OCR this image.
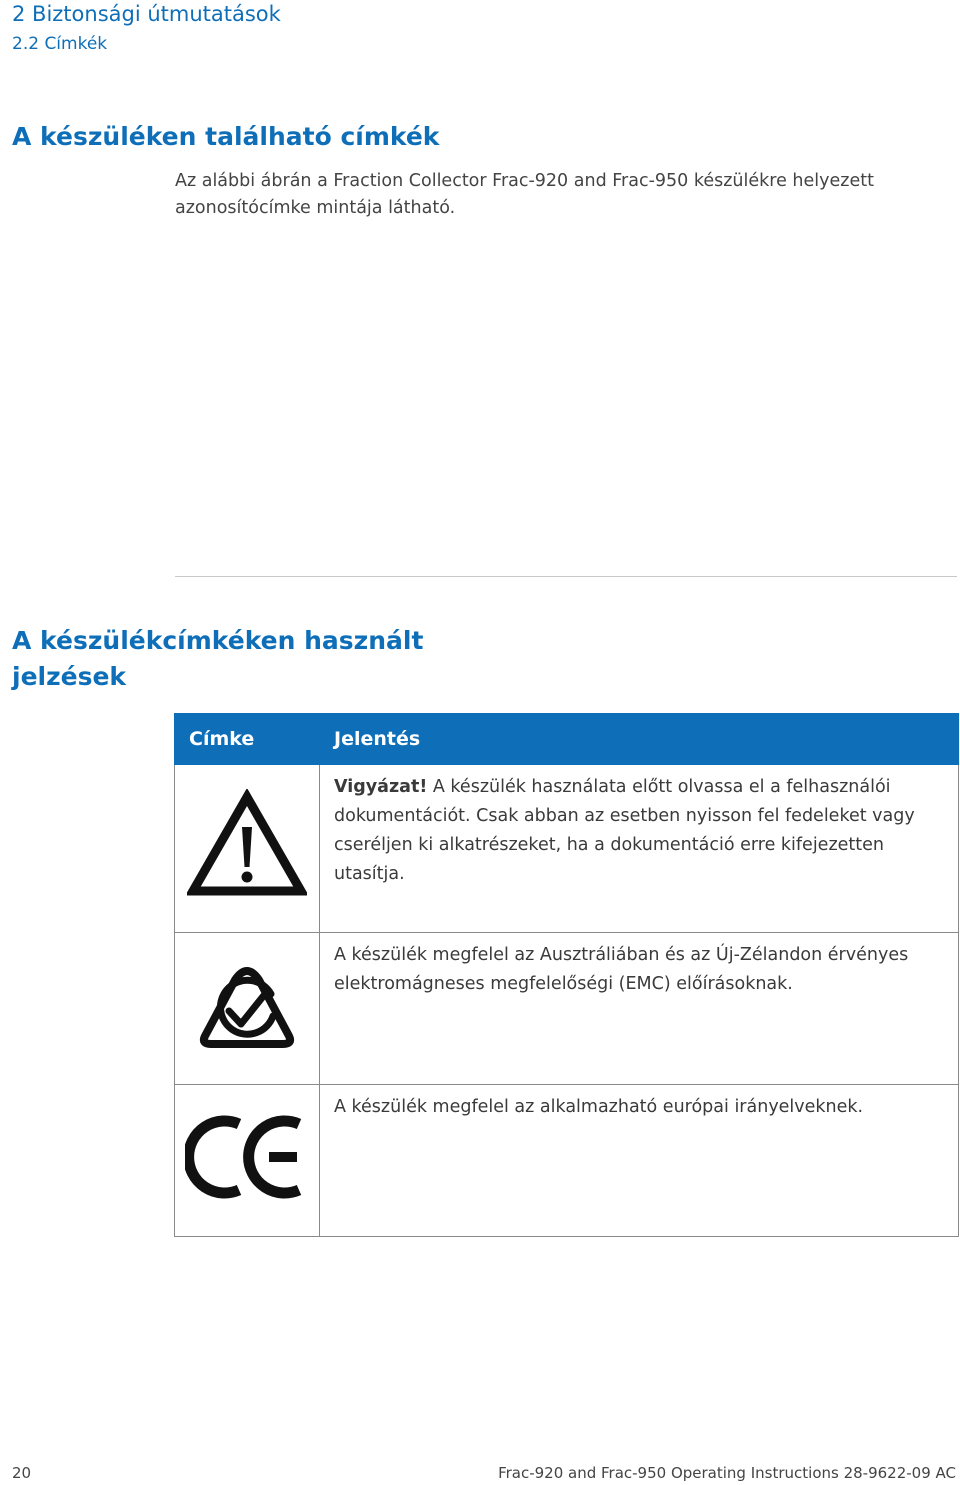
2 Biztonsági útmutatások
2.2 Címkék
A készüléken található címkék
Az alábbi ábrán a Fraction Collector Frac-920 and Frac-950 készülékre helyezett azonosítócímke mintája látható.
A készülékcímkéken használt jelzések
Címke	Jelentés
	Vigyázat! A készülék használata előtt olvassa el a felhasználói dokumentációt. Csak abban az esetben nyisson fel fedeleket vagy cseréljen ki alkatrészeket, ha a dokumentáció erre kifejezetten utasítja.
	A készülék megfelel az Ausztráliában és az Új-Zélandon érvényes elektromágneses megfelelőségi (EMC) előírásoknak.
	A készülék megfelel az alkalmazható európai irányelveknek.
20	Frac-920 and Frac-950 Operating Instructions 28-9622-09 AC
